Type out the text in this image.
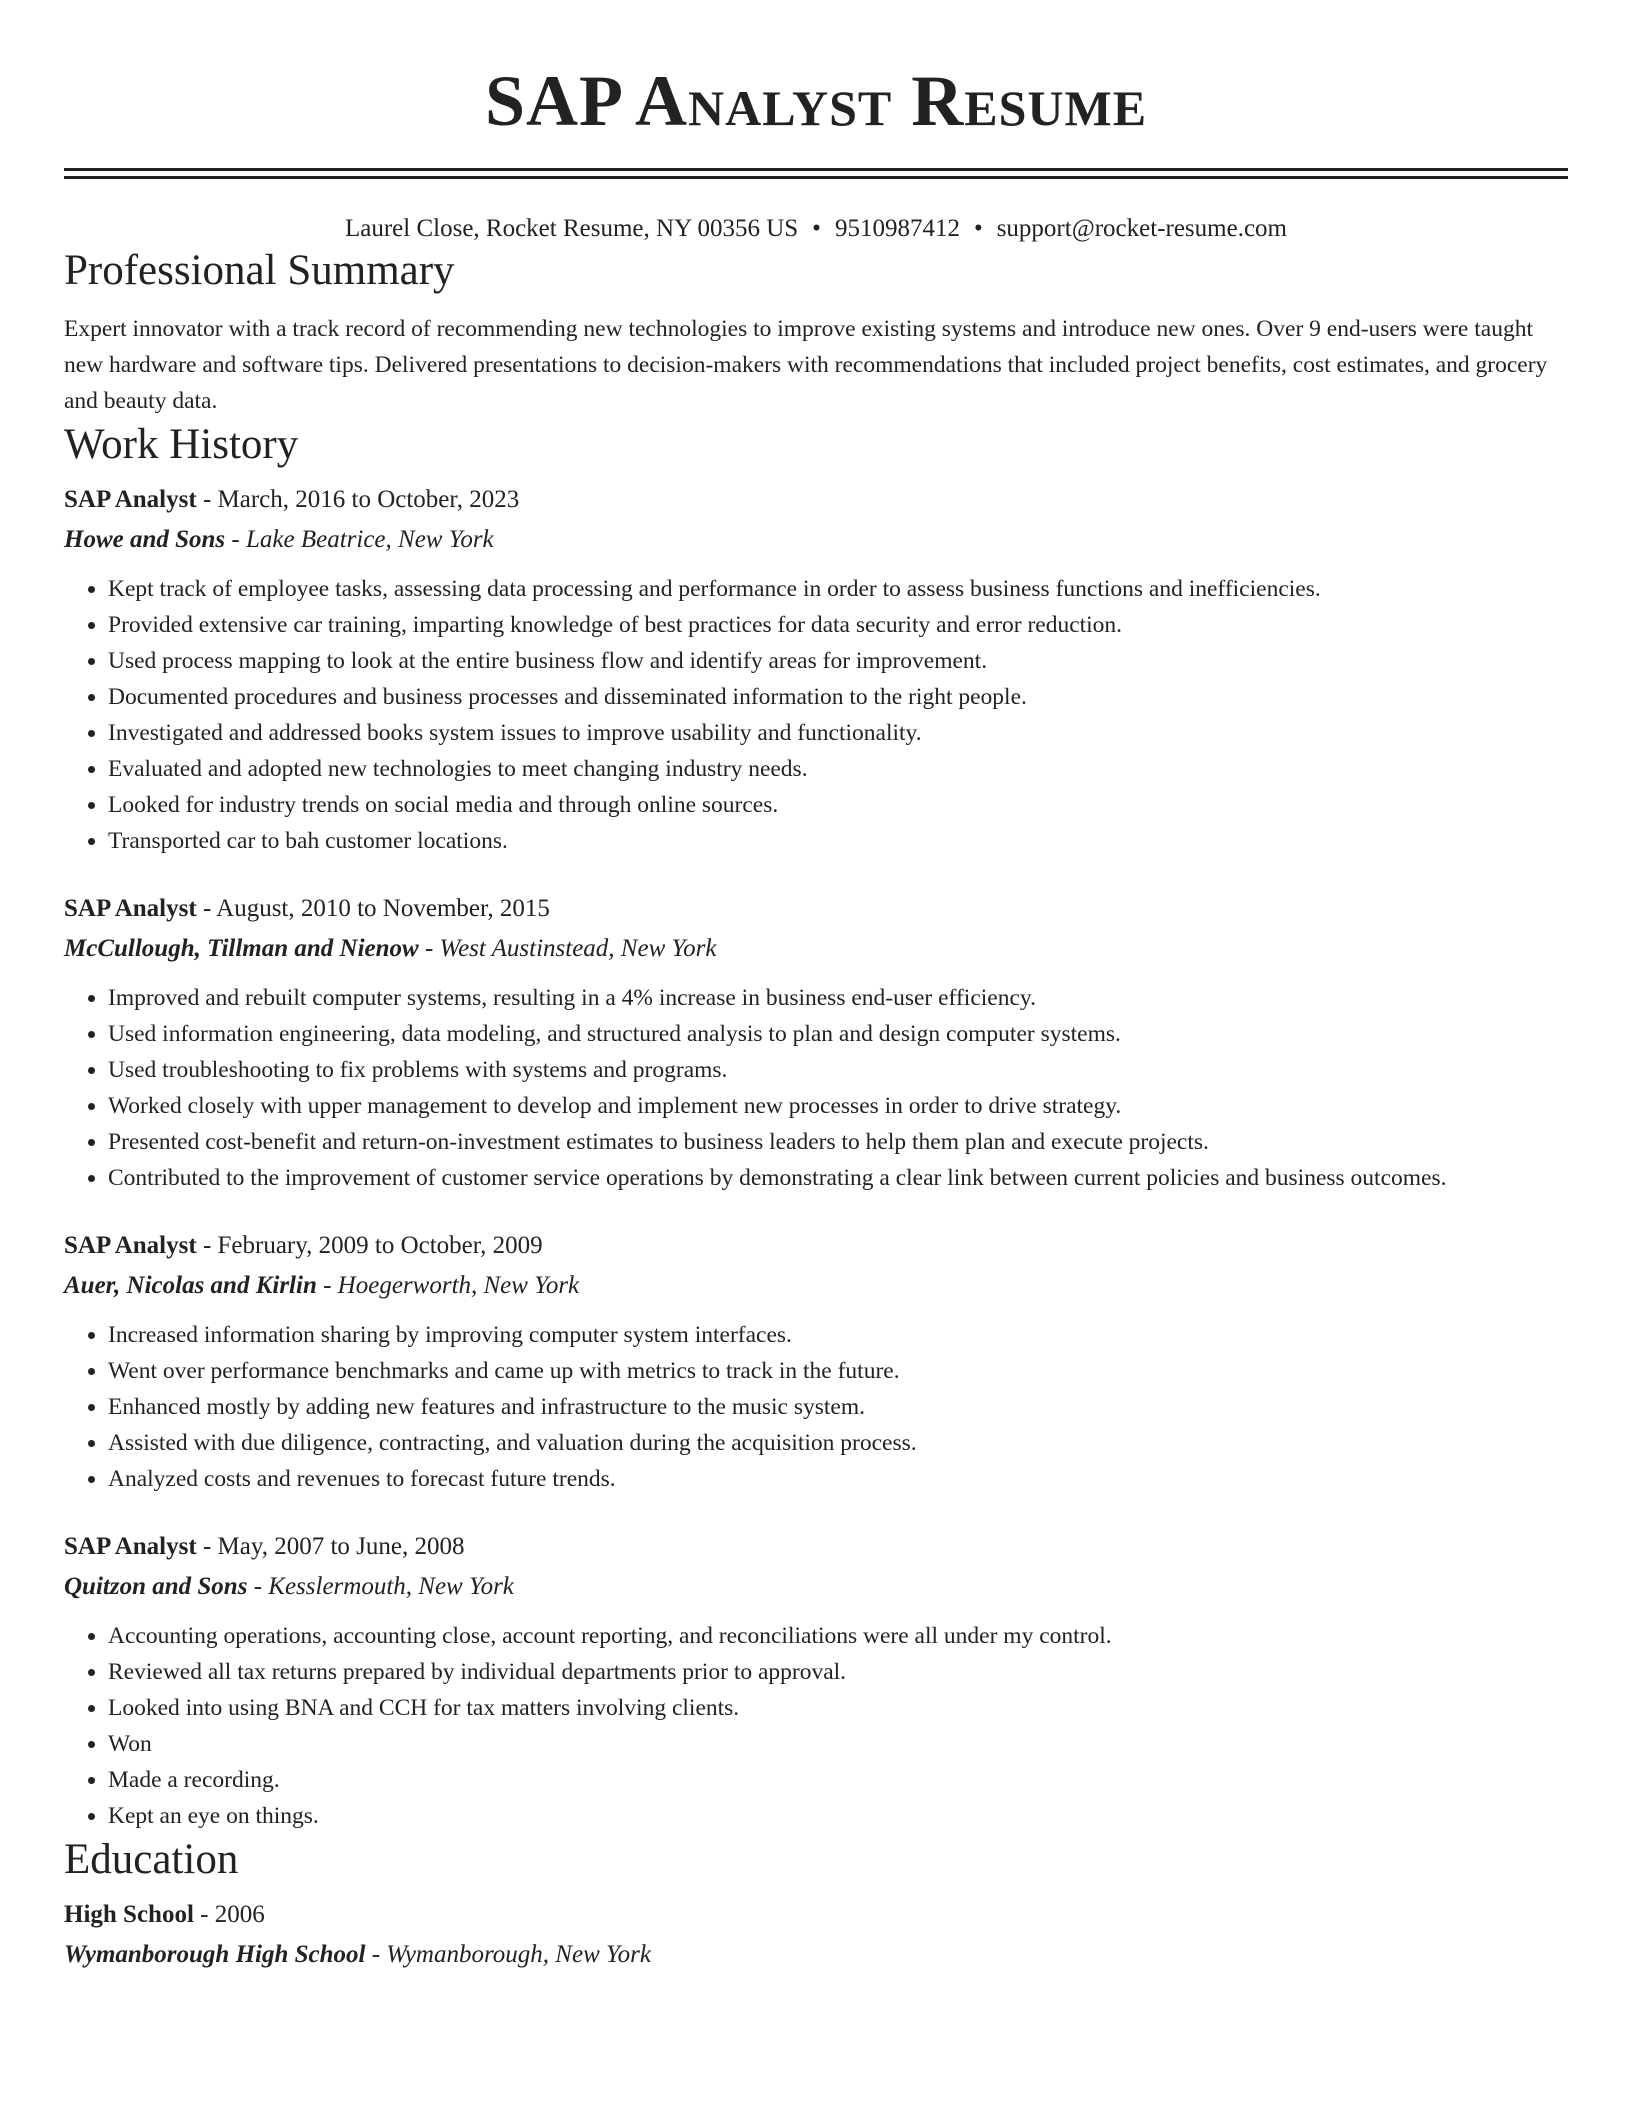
SAP Analyst Resume
Laurel Close, Rocket Resume, NY 00356 US • 9510987412 • support@rocket-resume.com
Professional Summary
Expert innovator with a track record of recommending new technologies to improve existing systems and introduce new ones. Over 9 end-users were taught new hardware and software tips. Delivered presentations to decision-makers with recommendations that included project benefits, cost estimates, and grocery and beauty data.
Work History
SAP Analyst - March, 2016 to October, 2023
Howe and Sons - Lake Beatrice, New York
• Kept track of employee tasks, assessing data processing and performance in order to assess business functions and inefficiencies.
• Provided extensive car training, imparting knowledge of best practices for data security and error reduction.
• Used process mapping to look at the entire business flow and identify areas for improvement.
• Documented procedures and business processes and disseminated information to the right people.
• Investigated and addressed books system issues to improve usability and functionality.
• Evaluated and adopted new technologies to meet changing industry needs.
• Looked for industry trends on social media and through online sources.
• Transported car to bah customer locations.
SAP Analyst - August, 2010 to November, 2015
McCullough, Tillman and Nienow - West Austinstead, New York
• Improved and rebuilt computer systems, resulting in a 4% increase in business end-user efficiency.
• Used information engineering, data modeling, and structured analysis to plan and design computer systems.
• Used troubleshooting to fix problems with systems and programs.
• Worked closely with upper management to develop and implement new processes in order to drive strategy.
• Presented cost-benefit and return-on-investment estimates to business leaders to help them plan and execute projects.
• Contributed to the improvement of customer service operations by demonstrating a clear link between current policies and business outcomes.
SAP Analyst - February, 2009 to October, 2009
Auer, Nicolas and Kirlin - Hoegerworth, New York
• Increased information sharing by improving computer system interfaces.
• Went over performance benchmarks and came up with metrics to track in the future.
• Enhanced mostly by adding new features and infrastructure to the music system.
• Assisted with due diligence, contracting, and valuation during the acquisition process.
• Analyzed costs and revenues to forecast future trends.
SAP Analyst - May, 2007 to June, 2008
Quitzon and Sons - Kesslermouth, New York
• Accounting operations, accounting close, account reporting, and reconciliations were all under my control.
• Reviewed all tax returns prepared by individual departments prior to approval.
• Looked into using BNA and CCH for tax matters involving clients.
• Won
• Made a recording.
• Kept an eye on things.
Education
High School - 2006
Wymanborough High School - Wymanborough, New York
